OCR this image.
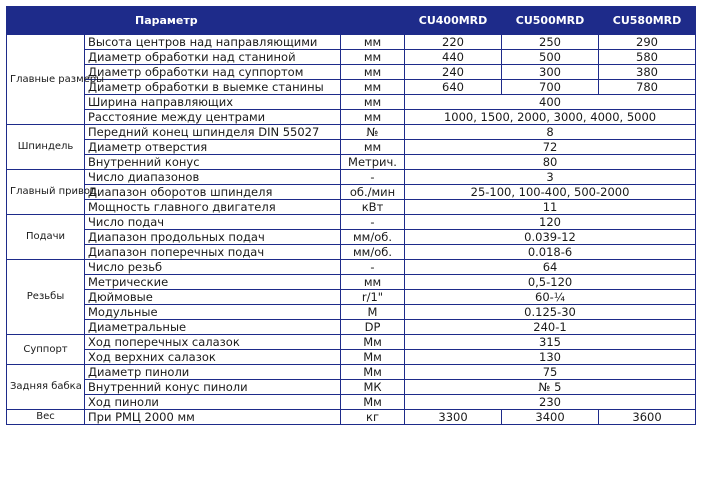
Параметр			CU400MRD	CU500MRD	CU580MRD
Главные размеры	Высота центров над направляющими	мм	220	250	290
	Диаметр обработки над станиной	мм	440	500	580
	Диаметр обработки над суппортом	мм	240	300	380
	Диаметр обработки в выемке станины	мм	640	700	780
	Ширина направляющих	мм	400		
	Расстояние между центрами	мм	1000, 1500, 2000, 3000, 4000, 5000		
Шпиндель	Передний конец шпинделя DIN 55027	№	8		
	Диаметр отверстия	мм	72		
	Внутренний конус	Метрич.	80		
Главный привод	Число диапазонов	-	3		
	Диапазон оборотов шпинделя	об./мин	25-100, 100-400, 500-2000		
	Мощность главного двигателя	кВт	11		
Подачи	Число подач	-	120		
	Диапазон продольных подач	мм/об.	0.039-12		
	Диапазон поперечных подач	мм/об.	0.018-6		
Резьбы	Число резьб	-	64		
	Метрические	мм	0,5-120		
	Дюймовые	r/1"	60-¼		
	Модульные	M	0.125-30		
	Диаметральные	DP	240-1		
Суппорт	Ход поперечных салазок	Мм	315		
	Ход верхних салазок	Мм	130		
Задняя бабка	Диаметр пиноли	Мм	75		
	Внутренний конус пиноли	МК	№ 5		
	Ход пиноли	Мм	230		
Вес	При РМЦ 2000 мм	кг	3300	3400	3600
